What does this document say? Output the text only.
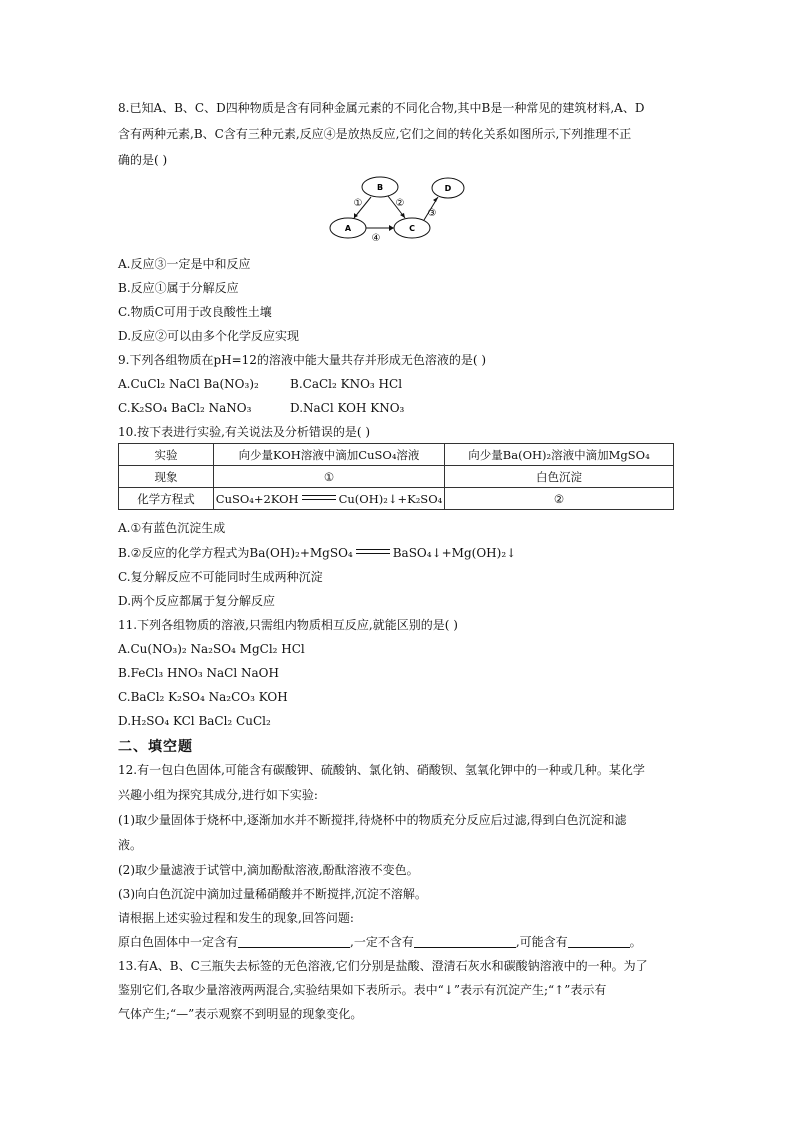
8.已知A、B、C、D四种物质是含有同种金属元素的不同化合物,其中B是一种常见的建筑材料,A、D
含有两种元素,B、C含有三种元素,反应④是放热反应,它们之间的转化关系如图所示,下列推理不正
确的是( )
B	D
A	C
①	②
③
④
A.反应③一定是中和反应
B.反应①属于分解反应
C.物质C可用于改良酸性土壤
D.反应②可以由多个化学反应实现
9.下列各组物质在pH=12的溶液中能大量共存并形成无色溶液的是( )
A.CuCl₂ NaCl Ba(NO₃)₂	B.CaCl₂ KNO₃ HCl
C.K₂SO₄ BaCl₂ NaNO₃	D.NaCl KOH KNO₃
10.按下表进行实验,有关说法及分析错误的是( )
实验	向少量KOH溶液中滴加CuSO₄溶液	向少量Ba(OH)₂溶液中滴加MgSO₄
现象	①	白色沉淀
化学方程式	CuSO₄+2KOH Cu(OH)₂↓+K₂SO₄	②
A.①有蓝色沉淀生成
B.②反应的化学方程式为Ba(OH)₂+MgSO₄	BaSO₄↓+Mg(OH)₂↓
C.复分解反应不可能同时生成两种沉淀
D.两个反应都属于复分解反应
11.下列各组物质的溶液,只需组内物质相互反应,就能区别的是( )
A.Cu(NO₃)₂ Na₂SO₄ MgCl₂ HCl
B.FeCl₃ HNO₃ NaCl NaOH
C.BaCl₂ K₂SO₄ Na₂CO₃ KOH
D.H₂SO₄ KCl BaCl₂ CuCl₂
二、填空题
12.有一包白色固体,可能含有碳酸钾、硫酸钠、氯化钠、硝酸钡、氢氧化钾中的一种或几种。某化学
兴趣小组为探究其成分,进行如下实验:
(1)取少量固体于烧杯中,逐渐加水并不断搅拌,待烧杯中的物质充分反应后过滤,得到白色沉淀和滤
液。
(2)取少量滤液于试管中,滴加酚酞溶液,酚酞溶液不变色。
(3)向白色沉淀中滴加过量稀硝酸并不断搅拌,沉淀不溶解。
请根据上述实验过程和发生的现象,回答问题:
原白色固体中一定含有	,一定不含有	,可能含有	。
13.有A、B、C三瓶失去标签的无色溶液,它们分别是盐酸、澄清石灰水和碳酸钠溶液中的一种。为了
鉴别它们,各取少量溶液两两混合,实验结果如下表所示。表中“↓”表示有沉淀产生;“↑”表示有
气体产生;“—”表示观察不到明显的现象变化。
